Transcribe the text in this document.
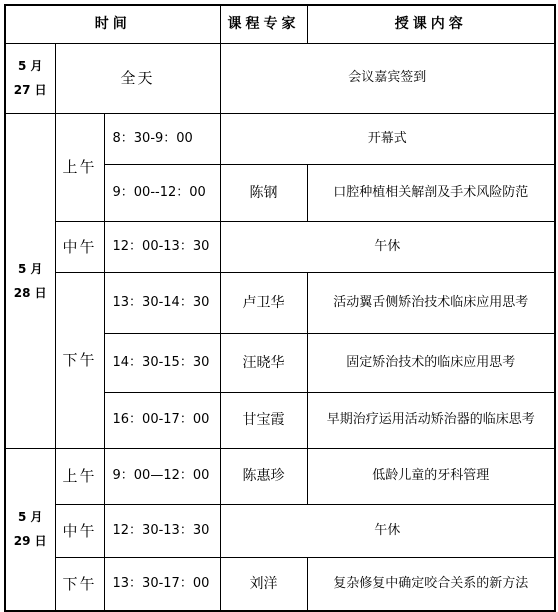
时间			课程专家	授课内容

5 月
27 日	全天		会议嘉宾签到	

5 月
28 日	上午	8：30-9：00	开幕式	
		9：00--12：00	陈钢	口腔种植相关解剖及手术风险防范
	中午	12：00-13：30	午休	
	下午	13：30-14：30	卢卫华	活动翼舌侧矫治技术临床应用思考
		14：30-15：30	汪晓华	固定矫治技术的临床应用思考
		16：00-17：00	甘宝霞	早期治疗运用活动矫治器的临床思考

5 月
29 日	上午	9：00—12：00	陈惠珍	低龄儿童的牙科管理
	中午	12：30-13：30	午休	
	下午	13：30-17：00	刘洋	复杂修复中确定咬合关系的新方法
